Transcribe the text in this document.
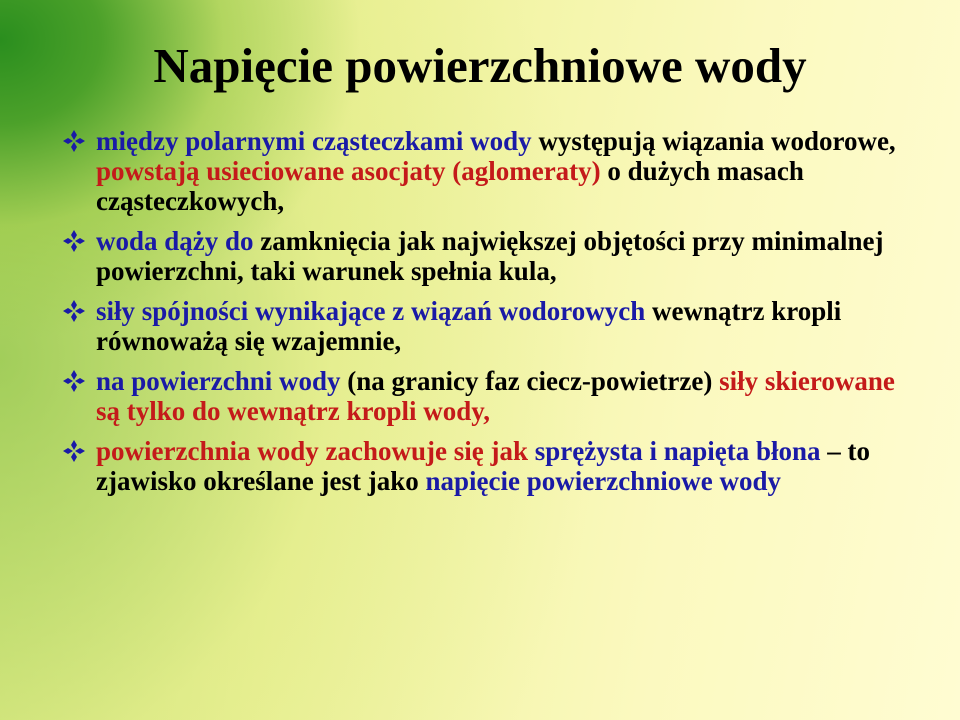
Napięcie powierzchniowe wody
między polarnymi cząsteczkami wody występują wiązania wodorowe, powstają usieciowane asocjaty (aglomeraty) o dużych masach cząsteczkowych,
woda dąży do zamknięcia jak największej objętości przy minimalnej powierzchni, taki warunek spełnia kula,
siły spójności wynikające z wiązań wodorowych wewnątrz kropli równoważą się wzajemnie,
na powierzchni wody (na granicy faz ciecz-powietrze) siły skierowane są tylko do wewnątrz kropli wody,
powierzchnia wody zachowuje się jak sprężysta i napięta błona – to zjawisko określane jest jako napięcie powierzchniowe wody
